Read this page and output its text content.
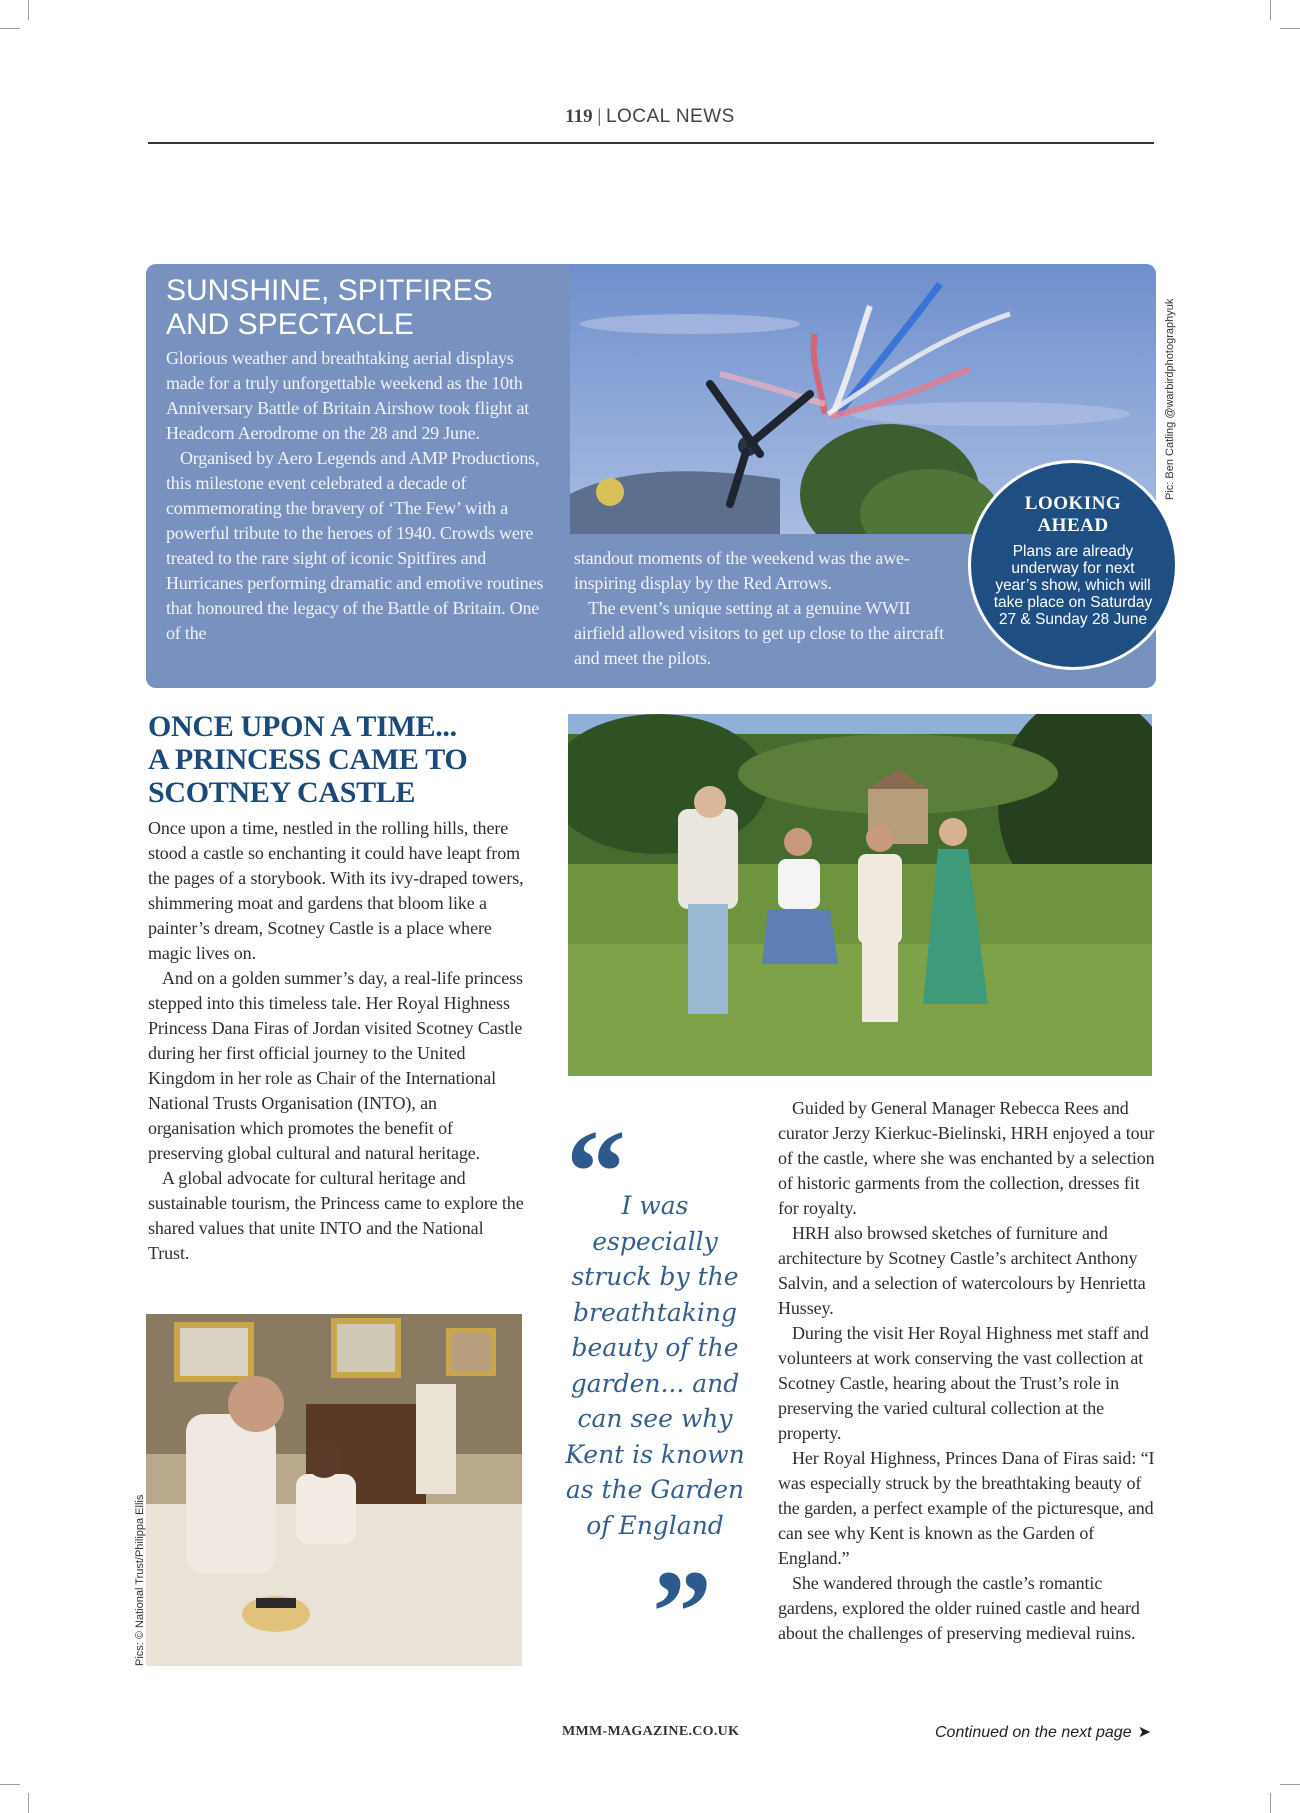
119 | LOCAL NEWS
SUNSHINE, SPITFIRES
AND SPECTACLE

Glorious weather and breathtaking aerial displays made for a truly unforgettable weekend as the 10th Anniversary Battle of Britain Airshow took flight at Headcorn Aerodrome on the 28 and 29 June.

Organised by Aero Legends and AMP Productions, this milestone event celebrated a decade of commemorating the bravery of ‘The Few’ with a powerful tribute to the heroes of 1940. Crowds were treated to the rare sight of iconic Spitfires and Hurricanes performing dramatic and emotive routines that honoured the legacy of the Battle of Britain. One of the

standout moments of the weekend was the awe-inspiring display by the Red Arrows.

The event’s unique setting at a genuine WWII airfield allowed visitors to get up close to the aircraft and meet the pilots.

LOOKING
AHEAD
Plans are already underway for next year’s show, which will take place on Saturday 27 & Sunday 28 June
Pic: Ben Catling @warbirdphotographyuk
ONCE UPON A TIME...
A PRINCESS CAME TO
SCOTNEY CASTLE

Once upon a time, nestled in the rolling hills, there stood a castle so enchanting it could have leapt from the pages of a storybook. With its ivy-draped towers, shimmering moat and gardens that bloom like a painter’s dream, Scotney Castle is a place where magic lives on.

And on a golden summer’s day, a real-life princess stepped into this timeless tale. Her Royal Highness Princess Dana Firas of Jordan visited Scotney Castle during her first official journey to the United Kingdom in her role as Chair of the International National Trusts Organisation (INTO), an organisation which promotes the benefit of preserving global cultural and natural heritage.

A global advocate for cultural heritage and sustainable tourism, the Princess came to explore the shared values that unite INTO and the National Trust.

“
I was especially struck by the breathtaking beauty of the garden... and can see why Kent is known as the Garden of England
”

Guided by General Manager Rebecca Rees and curator Jerzy Kierkuc-Bielinski, HRH enjoyed a tour of the castle, where she was enchanted by a selection of historic garments from the collection, dresses fit for royalty.

HRH also browsed sketches of furniture and architecture by Scotney Castle’s architect Anthony Salvin, and a selection of watercolours by Henrietta Hussey.

During the visit Her Royal Highness met staff and volunteers at work conserving the vast collection at Scotney Castle, hearing about the Trust’s role in preserving the varied cultural collection at the property.

Her Royal Highness, Princes Dana of Firas said: “I was especially struck by the breathtaking beauty of the garden, a perfect example of the picturesque, and can see why Kent is known as the Garden of England.”

She wandered through the castle’s romantic gardens, explored the older ruined castle and heard about the challenges of preserving medieval ruins.

Pics: © National Trust/Philippa Ellis
MMM-MAGAZINE.CO.UK	Continued on the next page ➤
